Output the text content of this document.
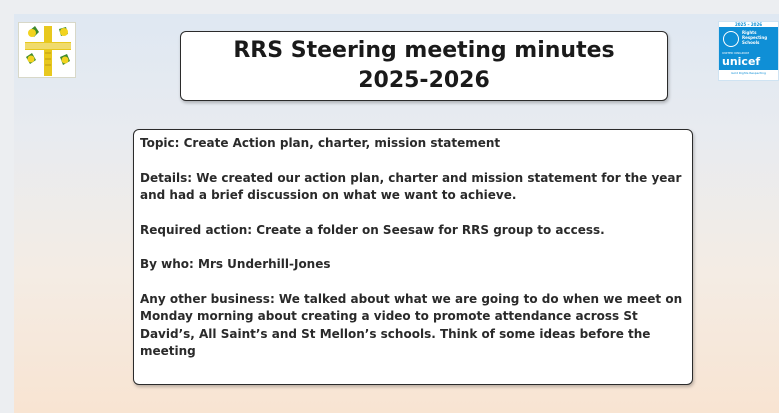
RRS Steering meeting minutes
2025-2026
2025 – 2026
Rights Respecting Schools
UNITED KINGDOM
unicef
Gold Rights Respecting
Topic: Create Action plan, charter, mission statement
Details: We created our action plan, charter and mission statement for the year and had a brief discussion on what we want to achieve.
Required action: Create a folder on Seesaw for RRS group to access.
By who: Mrs Underhill-Jones
Any other business: We talked about what we are going to do when we meet on Monday morning about creating a video to promote attendance across St David’s, All Saint’s and St Mellon’s schools. Think of some ideas before the meeting
